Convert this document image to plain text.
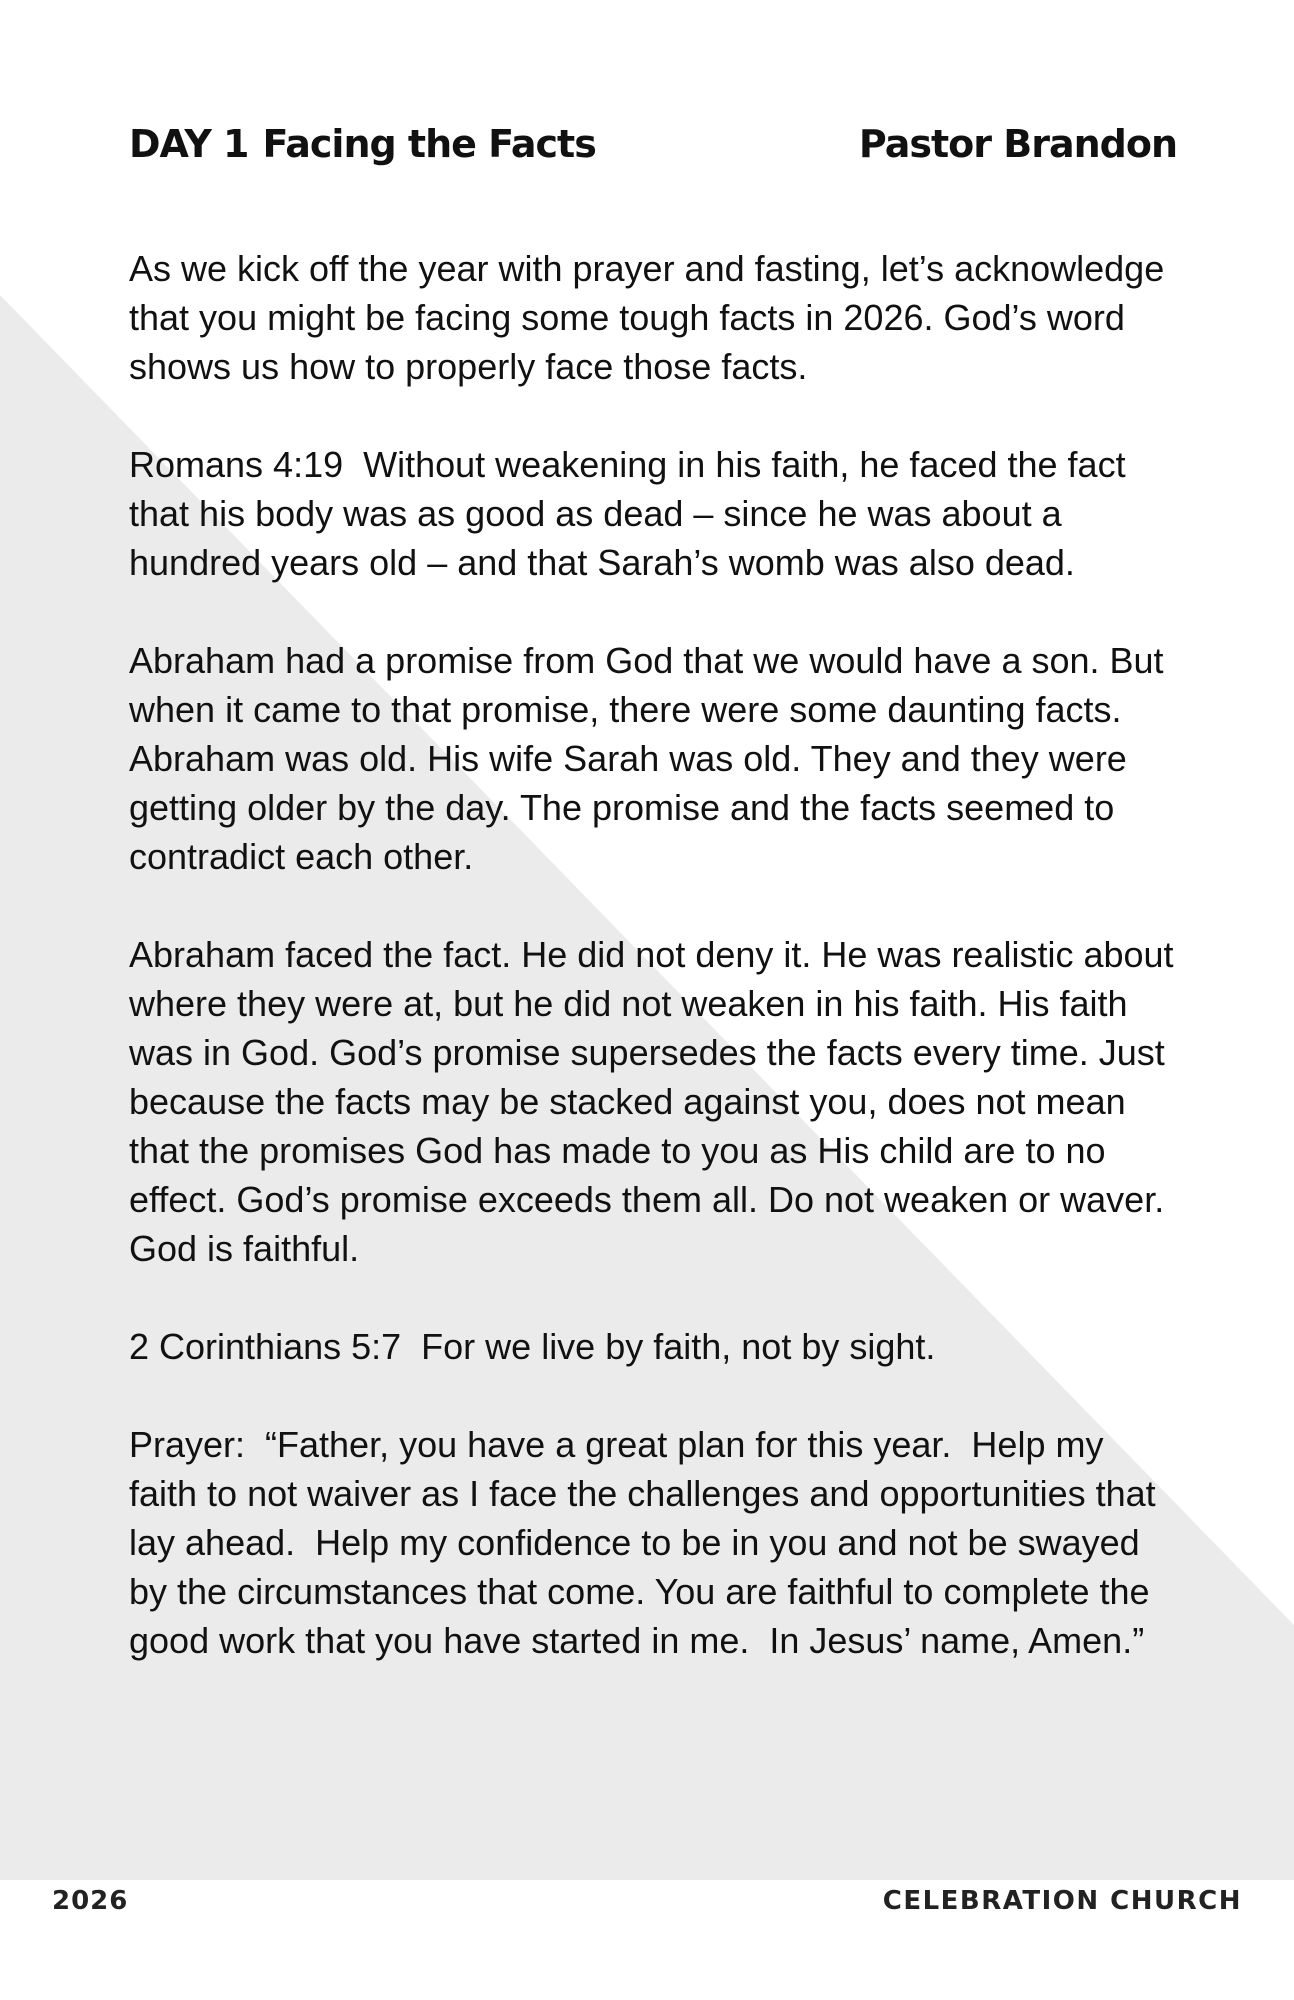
DAY 1 Facing the Facts	Pastor Brandon

As we kick off the year with prayer and fasting, let’s acknowledge that you might be facing some tough facts in 2026. God’s word shows us how to properly face those facts.

Romans 4:19  Without weakening in his faith, he faced the fact that his body was as good as dead – since he was about a hundred years old – and that Sarah’s womb was also dead.

Abraham had a promise from God that we would have a son. But when it came to that promise, there were some daunting facts. Abraham was old. His wife Sarah was old. They and they were getting older by the day. The promise and the facts seemed to contradict each other.

Abraham faced the fact. He did not deny it. He was realistic about where they were at, but he did not weaken in his faith. His faith was in God. God’s promise supersedes the facts every time. Just because the facts may be stacked against you, does not mean that the promises God has made to you as His child are to no effect. God’s promise exceeds them all. Do not weaken or waver. God is faithful.

2 Corinthians 5:7  For we live by faith, not by sight.

Prayer:  “Father, you have a great plan for this year.  Help my faith to not waiver as I face the challenges and opportunities that lay ahead.  Help my confidence to be in you and not be swayed by the circumstances that come. You are faithful to complete the good work that you have started in me.  In Jesus’ name, Amen.”

2026	CELEBRATION CHURCH
